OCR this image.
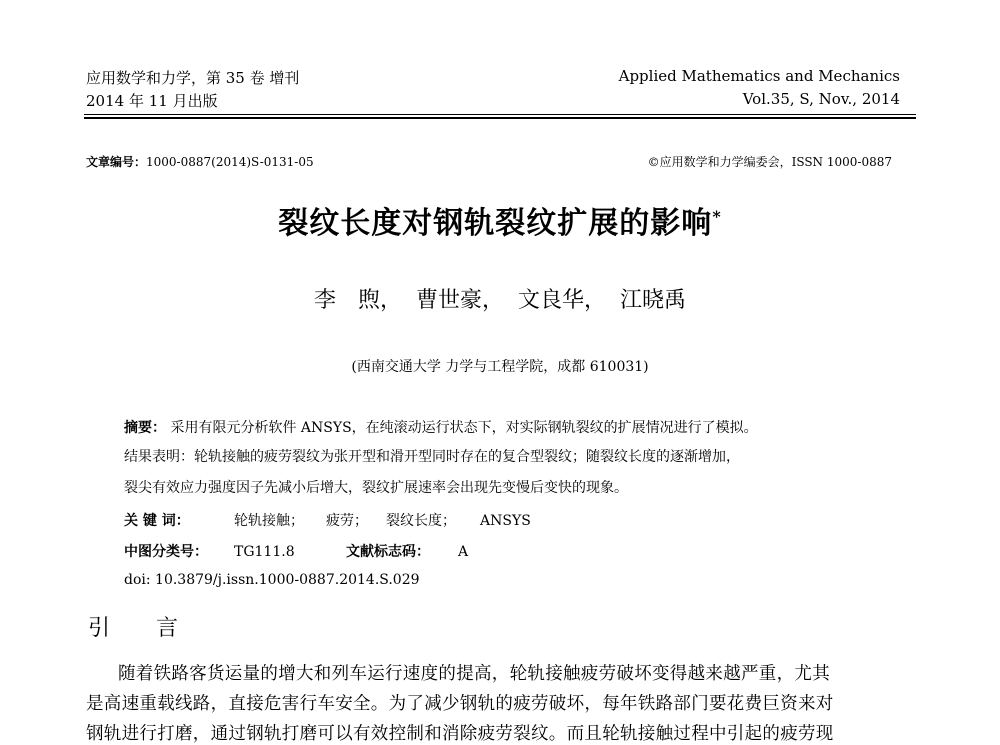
应用数学和力学，第 35 卷 增刊
2014 年 11 月出版
Applied Mathematics and Mechanics
Vol.35, S, Nov., 2014
文章编号：1000-0887(2014)S-0131-05	©应用数学和力学编委会，ISSN 1000-0887
裂纹长度对钢轨裂纹扩展的影响*
李　煦， 曹世豪， 文良华， 江晓禹
(西南交通大学 力学与工程学院，成都 610031)
摘要： 采用有限元分析软件 ANSYS，在纯滚动运行状态下，对实际钢轨裂纹的扩展情况进行了模拟。
结果表明：轮轨接触的疲劳裂纹为张开型和滑开型同时存在的复合型裂纹；随裂纹长度的逐渐增加，
裂尖有效应力强度因子先减小后增大，裂纹扩展速率会出现先变慢后变快的现象。
关 键 词：	轮轨接触； 疲劳； 裂纹长度； ANSYS
中图分类号： TG111.8	文献标志码： A
doi: 10.3879/j.issn.1000-0887.2014.S.029
引 言
随着铁路客货运量的增大和列车运行速度的提高，轮轨接触疲劳破坏变得越来越严重，尤其
是高速重载线路，直接危害行车安全。为了减少钢轨的疲劳破坏，每年铁路部门要花费巨资来对
钢轨进行打磨，通过钢轨打磨可以有效控制和消除疲劳裂纹。而且轮轨接触过程中引起的疲劳现
